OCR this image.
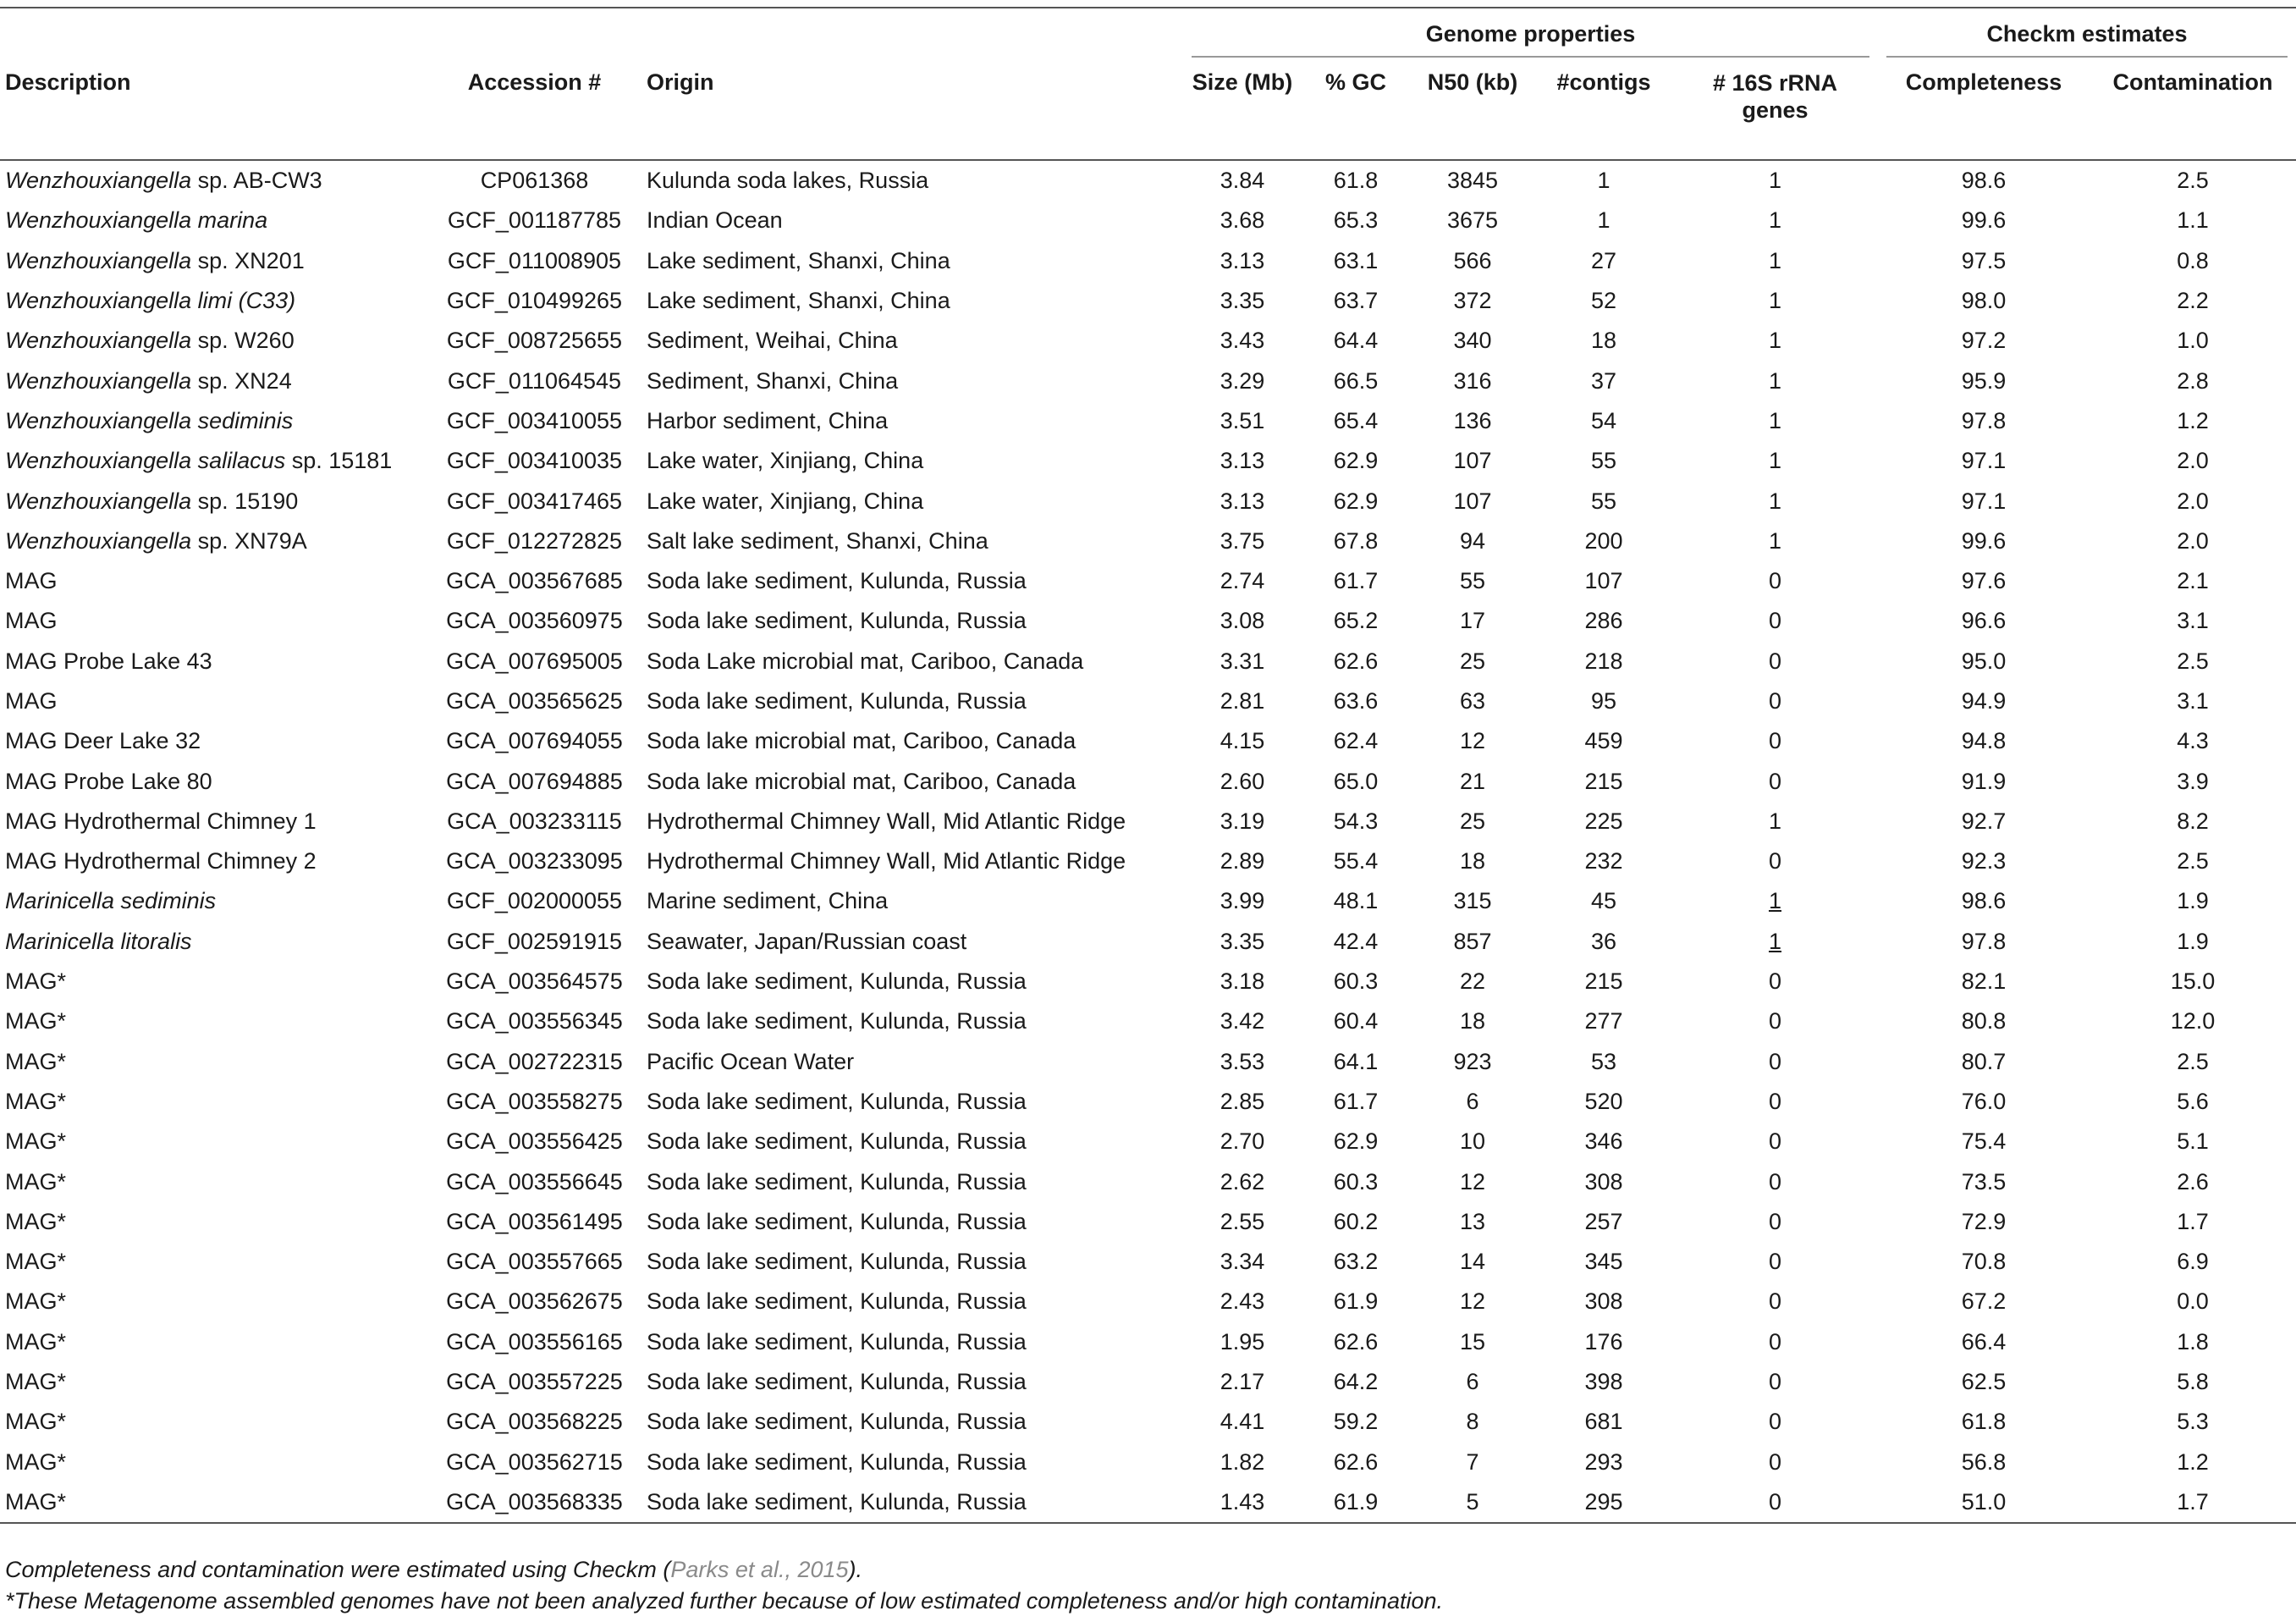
			Genome properties					Checkm estimates	

Description	Accession #	Origin	Size (Mb)	% GC	N50 (kb)	#contigs	# 16S rRNA genes	Completeness	Contamination

Wenzhouxiangella sp. AB-CW3	CP061368	Kulunda soda lakes, Russia	3.84	61.8	3845	1	1	98.6	2.5
Wenzhouxiangella marina	GCF_001187785	Indian Ocean	3.68	65.3	3675	1	1	99.6	1.1
Wenzhouxiangella sp. XN201	GCF_011008905	Lake sediment, Shanxi, China	3.13	63.1	566	27	1	97.5	0.8
Wenzhouxiangella limi (C33)	GCF_010499265	Lake sediment, Shanxi, China	3.35	63.7	372	52	1	98.0	2.2
Wenzhouxiangella sp. W260	GCF_008725655	Sediment, Weihai, China	3.43	64.4	340	18	1	97.2	1.0
Wenzhouxiangella sp. XN24	GCF_011064545	Sediment, Shanxi, China	3.29	66.5	316	37	1	95.9	2.8
Wenzhouxiangella sediminis	GCF_003410055	Harbor sediment, China	3.51	65.4	136	54	1	97.8	1.2
Wenzhouxiangella salilacus sp. 15181	GCF_003410035	Lake water, Xinjiang, China	3.13	62.9	107	55	1	97.1	2.0
Wenzhouxiangella sp. 15190	GCF_003417465	Lake water, Xinjiang, China	3.13	62.9	107	55	1	97.1	2.0
Wenzhouxiangella sp. XN79A	GCF_012272825	Salt lake sediment, Shanxi, China	3.75	67.8	94	200	1	99.6	2.0
MAG	GCA_003567685	Soda lake sediment, Kulunda, Russia	2.74	61.7	55	107	0	97.6	2.1
MAG	GCA_003560975	Soda lake sediment, Kulunda, Russia	3.08	65.2	17	286	0	96.6	3.1
MAG Probe Lake 43	GCA_007695005	Soda Lake microbial mat, Cariboo, Canada	3.31	62.6	25	218	0	95.0	2.5
MAG	GCA_003565625	Soda lake sediment, Kulunda, Russia	2.81	63.6	63	95	0	94.9	3.1
MAG Deer Lake 32	GCA_007694055	Soda lake microbial mat, Cariboo, Canada	4.15	62.4	12	459	0	94.8	4.3
MAG Probe Lake 80	GCA_007694885	Soda lake microbial mat, Cariboo, Canada	2.60	65.0	21	215	0	91.9	3.9
MAG Hydrothermal Chimney 1	GCA_003233115	Hydrothermal Chimney Wall, Mid Atlantic Ridge	3.19	54.3	25	225	1	92.7	8.2
MAG Hydrothermal Chimney 2	GCA_003233095	Hydrothermal Chimney Wall, Mid Atlantic Ridge	2.89	55.4	18	232	0	92.3	2.5
Marinicella sediminis	GCF_002000055	Marine sediment, China	3.99	48.1	315	45	1	98.6	1.9
Marinicella litoralis	GCF_002591915	Seawater, Japan/Russian coast	3.35	42.4	857	36	1	97.8	1.9
MAG*	GCA_003564575	Soda lake sediment, Kulunda, Russia	3.18	60.3	22	215	0	82.1	15.0
MAG*	GCA_003556345	Soda lake sediment, Kulunda, Russia	3.42	60.4	18	277	0	80.8	12.0
MAG*	GCA_002722315	Pacific Ocean Water	3.53	64.1	923	53	0	80.7	2.5
MAG*	GCA_003558275	Soda lake sediment, Kulunda, Russia	2.85	61.7	6	520	0	76.0	5.6
MAG*	GCA_003556425	Soda lake sediment, Kulunda, Russia	2.70	62.9	10	346	0	75.4	5.1
MAG*	GCA_003556645	Soda lake sediment, Kulunda, Russia	2.62	60.3	12	308	0	73.5	2.6
MAG*	GCA_003561495	Soda lake sediment, Kulunda, Russia	2.55	60.2	13	257	0	72.9	1.7
MAG*	GCA_003557665	Soda lake sediment, Kulunda, Russia	3.34	63.2	14	345	0	70.8	6.9
MAG*	GCA_003562675	Soda lake sediment, Kulunda, Russia	2.43	61.9	12	308	0	67.2	0.0
MAG*	GCA_003556165	Soda lake sediment, Kulunda, Russia	1.95	62.6	15	176	0	66.4	1.8
MAG*	GCA_003557225	Soda lake sediment, Kulunda, Russia	2.17	64.2	6	398	0	62.5	5.8
MAG*	GCA_003568225	Soda lake sediment, Kulunda, Russia	4.41	59.2	8	681	0	61.8	5.3
MAG*	GCA_003562715	Soda lake sediment, Kulunda, Russia	1.82	62.6	7	293	0	56.8	1.2
MAG*	GCA_003568335	Soda lake sediment, Kulunda, Russia	1.43	61.9	5	295	0	51.0	1.7

Completeness and contamination were estimated using Checkm (Parks et al., 2015).
*These Metagenome assembled genomes have not been analyzed further because of low estimated completeness and/or high contamination.
